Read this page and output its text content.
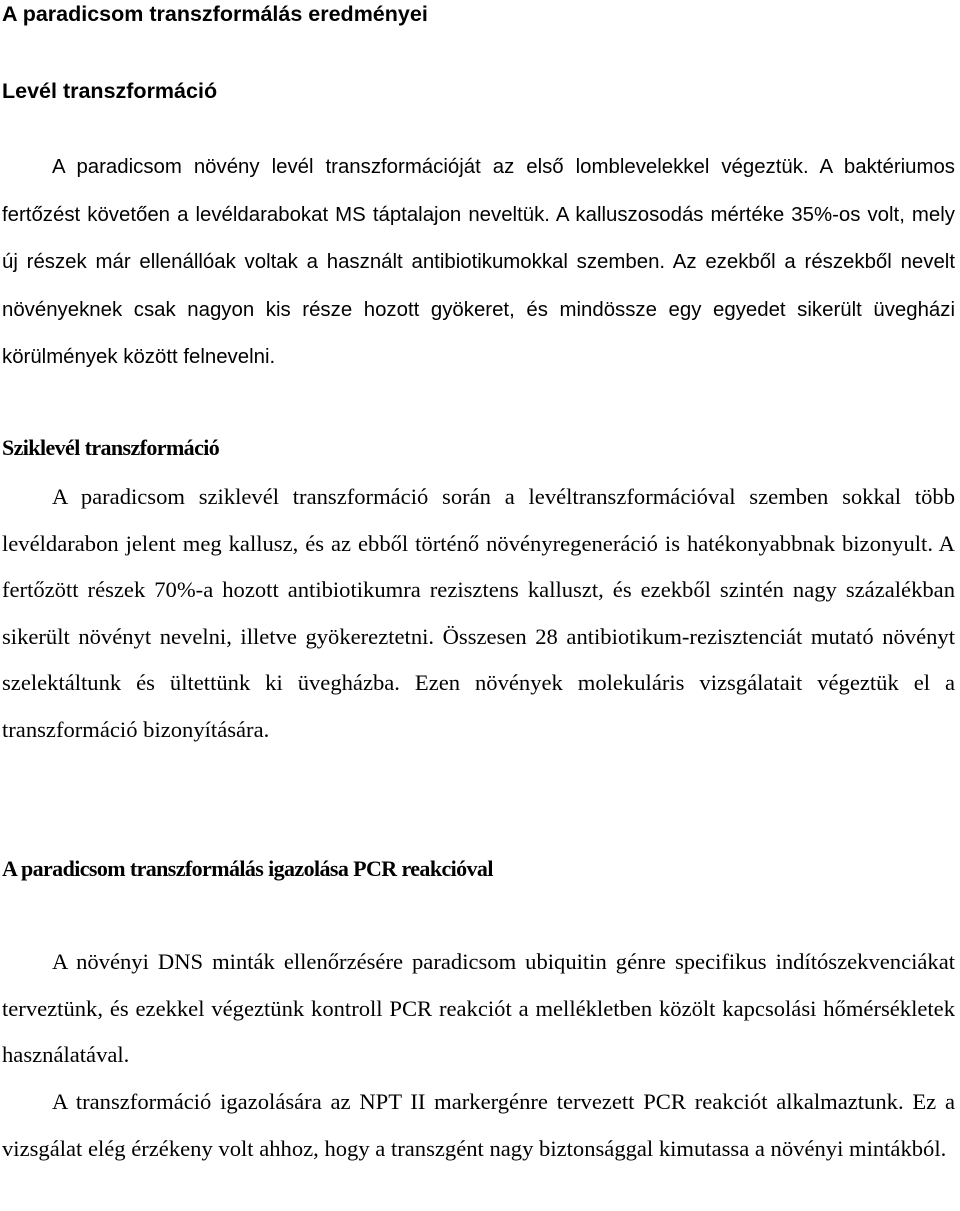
A paradicsom transzformálás eredményei
Levél transzformáció

A paradicsom növény levél transzformációját az első lomblevelekkel végeztük. A baktériumos fertőzést követően a levéldarabokat MS táptalajon neveltük. A kalluszosodás mértéke 35%-os volt, mely új részek már ellenállóak voltak a használt antibiotikumokkal szemben. Az ezekből a részekből nevelt növényeknek csak nagyon kis része hozott gyökeret, és mindössze egy egyedet sikerült üvegházi körülmények között felnevelni.

Sziklevél transzformáció

A paradicsom sziklevél transzformáció során a levéltranszformációval szemben sokkal több levéldarabon jelent meg kallusz, és az ebből történő növényregeneráció is hatékonyabbnak bizonyult. A fertőzött részek 70%-a hozott antibiotikumra rezisztens kalluszt, és ezekből szintén nagy százalékban sikerült növényt nevelni, illetve gyökereztetni. Összesen 28 antibiotikum-rezisztenciát mutató növényt szelektáltunk és ültettünk ki üvegházba. Ezen növények molekuláris vizsgálatait végeztük el a transzformáció bizonyítására.

A paradicsom transzformálás igazolása PCR reakcióval

A növényi DNS minták ellenőrzésére paradicsom ubiquitin génre specifikus indítószekvenciákat terveztünk, és ezekkel végeztünk kontroll PCR reakciót a mellékletben közölt kapcsolási hőmérsékletek használatával.

A transzformáció igazolására az NPT II markergénre tervezett PCR reakciót alkalmaztunk. Ez a vizsgálat elég érzékeny volt ahhoz, hogy a transzgént nagy biztonsággal kimutassa a növényi mintákból.
